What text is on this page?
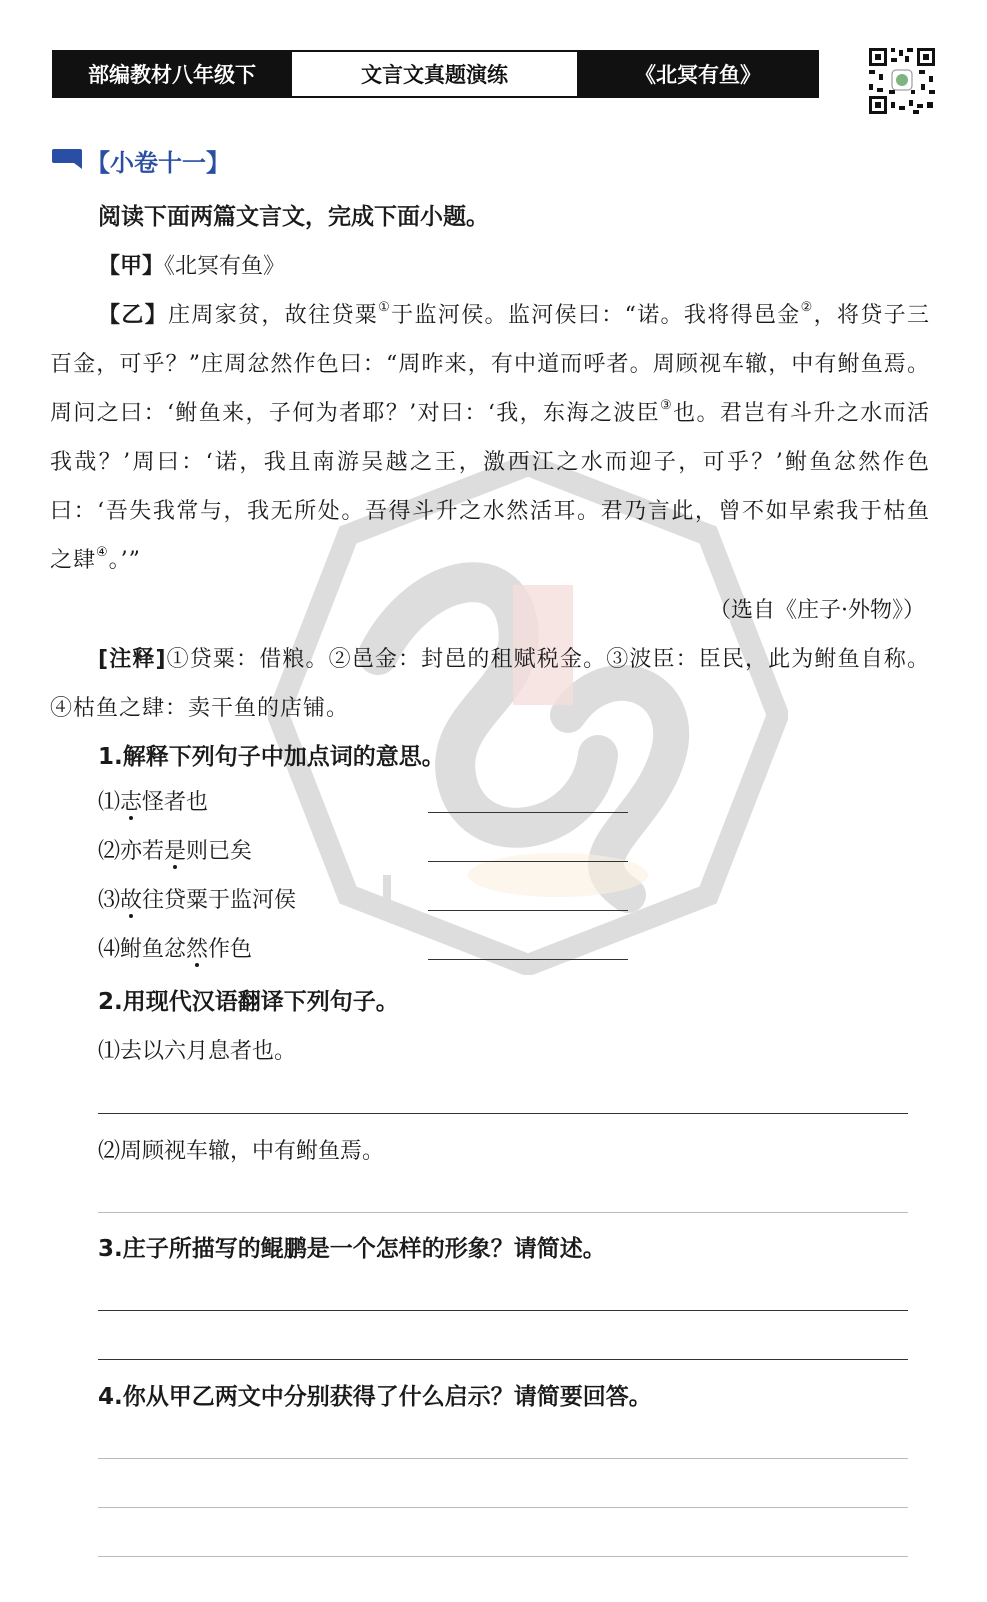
部编教材八年级下	文言文真题演练	《北冥有鱼》
【小卷十一】
阅读下面两篇文言文，完成下面小题。
【甲】《北冥有鱼》
【乙】庄周家贫，故往贷粟①于监河侯。监河侯曰：“诺。我将得邑金②，将贷子三百金，可乎？”庄周忿然作色曰：“周昨来，有中道而呼者。周顾视车辙，中有鲋鱼焉。周问之曰：‘鲋鱼来，子何为者耶？’对曰：‘我，东海之波臣③也。君岂有斗升之水而活我哉？’周曰：‘诺，我且南游吴越之王，激西江之水而迎子，可乎？’鲋鱼忿然作色曰：‘吾失我常与，我无所处。吾得斗升之水然活耳。君乃言此，曾不如早索我于枯鱼之肆④。’”
（选自《庄子·外物》）
[注释]①贷粟：借粮。②邑金：封邑的租赋税金。③波臣：臣民，此为鲋鱼自称。④枯鱼之肆：卖干鱼的店铺。
1.解释下列句子中加点词的意思。
⑴志怪者也
⑵亦若是则已矣
⑶故往贷粟于监河侯
⑷鲋鱼忿然作色
2.用现代汉语翻译下列句子。
⑴去以六月息者也。
⑵周顾视车辙，中有鲋鱼焉。
3.庄子所描写的鲲鹏是一个怎样的形象？请简述。
4.你从甲乙两文中分别获得了什么启示？请简要回答。
